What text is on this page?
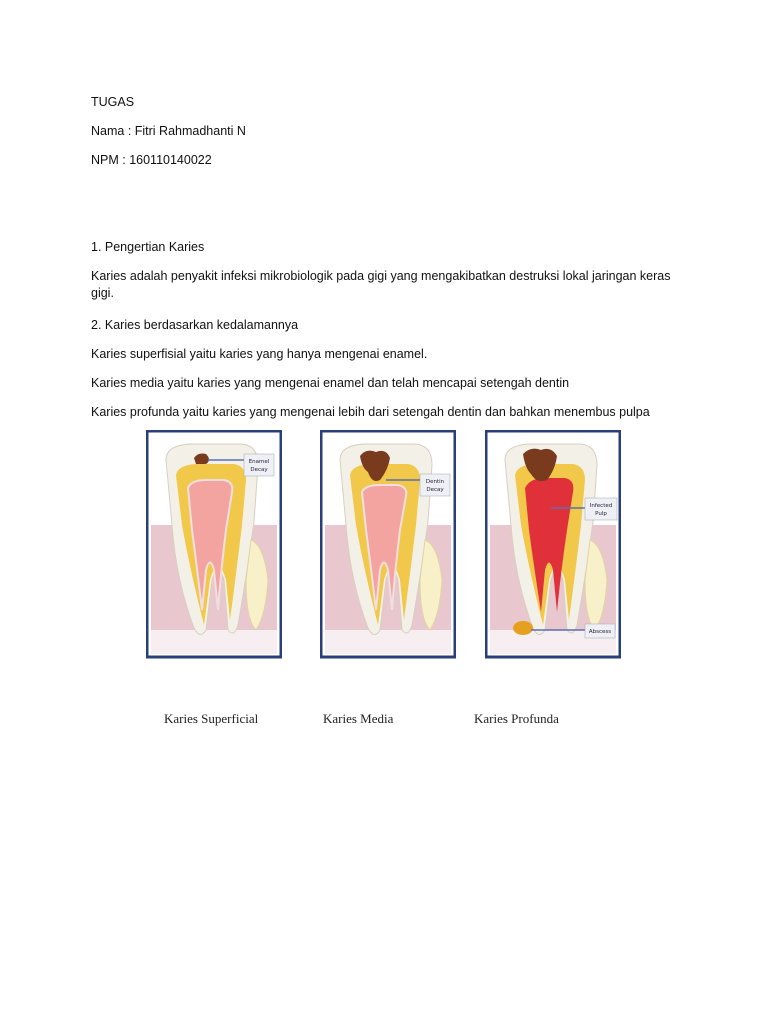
TUGAS
Nama : Fitri Rahmadhanti N
NPM : 160110140022
1. Pengertian Karies
Karies adalah penyakit infeksi mikrobiologik pada gigi yang mengakibatkan destruksi lokal jaringan keras gigi.
2. Karies berdasarkan kedalamannya
Karies superfisial yaitu karies yang hanya mengenai enamel.
Karies media yaitu karies yang mengenai enamel dan telah mencapai setengah dentin
Karies profunda yaitu karies yang mengenai lebih dari setengah dentin dan bahkan menembus pulpa
Enamel
Decay
Dentin
Decay
Infected
Pulp
Abscess
Karies Superficial	Karies Media	Karies Profunda
